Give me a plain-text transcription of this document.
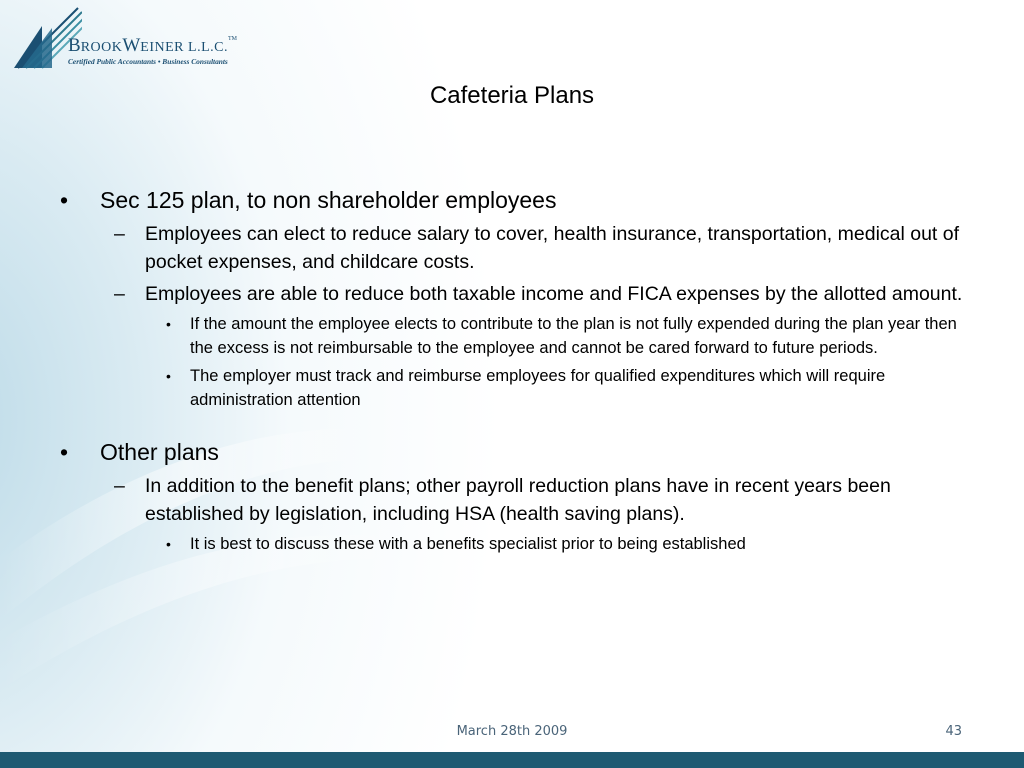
BROOKWEINER L.L.C.™
Certified Public Accountants • Business Consultants
Cafeteria Plans
• Sec 125 plan, to non shareholder employees
– Employees can elect to reduce salary to cover, health insurance, transportation, medical out of pocket expenses, and childcare costs.
– Employees are able to reduce both taxable income and FICA expenses by the allotted amount.
• If the amount the employee elects to contribute to the plan is not fully expended during the plan year then the excess is not reimbursable to the employee and cannot be cared forward to future periods.
• The employer must track and reimburse employees for qualified expenditures which will require administration attention
• Other plans
– In addition to the benefit plans; other payroll reduction plans have in recent years been established by legislation, including HSA (health saving plans).
• It is best to discuss these with a benefits specialist prior to being established
March 28th 2009	43
